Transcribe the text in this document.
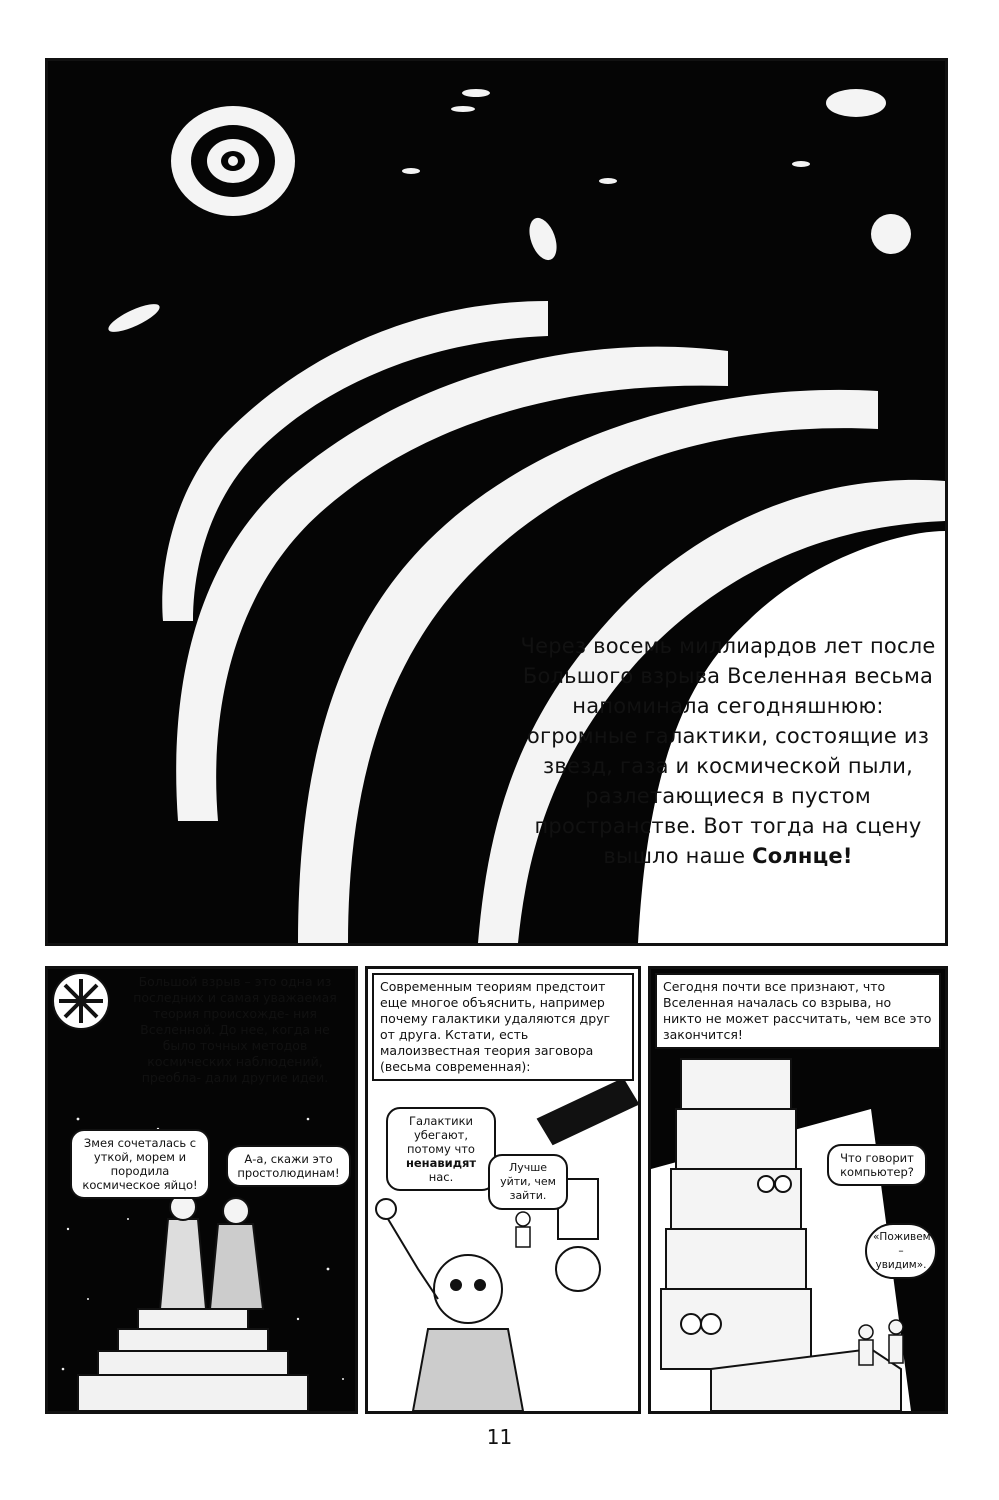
Через восемь миллиардов лет после Большого взрыва Вселенная весьма напоминала сегодняшнюю: огромные галактики, состоящие из звезд, газа и космической пыли, разлетающиеся в пустом пространстве. Вот тогда на сцену вышло наше Солнце!
Большой взрыв – это одна из последних и самая уважаемая теория происхожде- ния Вселенной. До нее, когда не было точных методов космических наблюдений, преобла- дали другие идеи.
Змея сочеталась с уткой, морем и породила космическое яйцо!
А-а, скажи это простолюдинам!
Современным теориям предстоит еще многое объяснить, например почему галактики удаляются друг от друга. Кстати, есть малоизвестная теория заговора (весьма современная):
Галактики убегают, потому что ненавидят нас.
Лучше уйти, чем зайти.
Сегодня почти все признают, что Вселенная началась со взрыва, но никто не может рассчитать, чем все это закончится!
Что говорит компьютер?
«Поживем – увидим».
11
